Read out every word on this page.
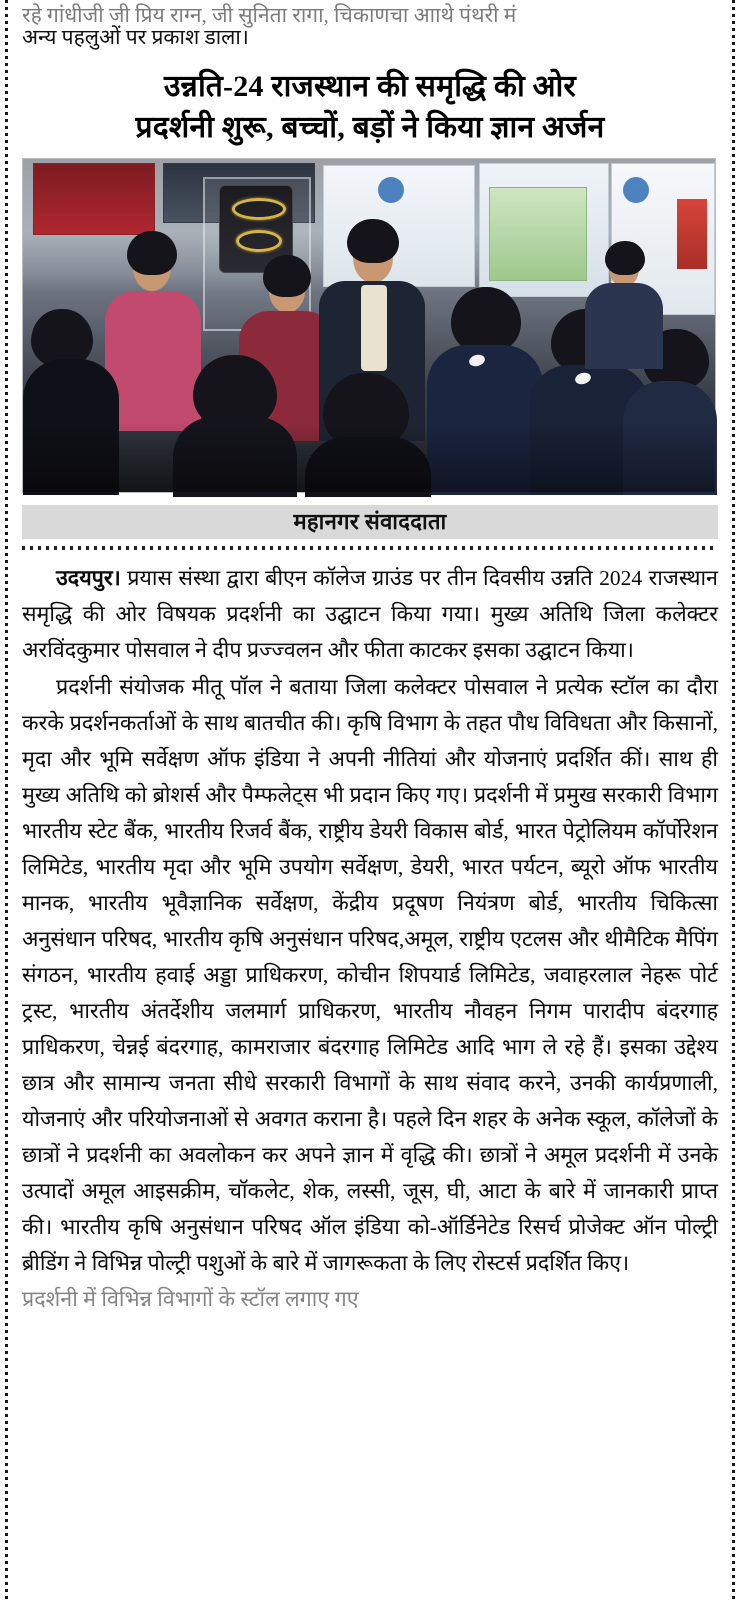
रहे गांधीजी जी प्रिय राग्न, जी सुनिता रागा, चिकाणचा आाथे पंथरी मं

अन्य पहलुओं पर प्रकाश डाला।

उन्नति-24 राजस्थान की समृद्धि की ओर
प्रदर्शनी शुरू, बच्चों, बड़ों ने किया ज्ञान अर्जन
महानगर संवाददाता

उदयपुर। प्रयास संस्था द्वारा बीएन कॉलेज ग्राउंड पर तीन दिवसीय उन्नति 2024 राजस्थान समृद्धि की ओर विषयक प्रदर्शनी का उद्घाटन किया गया। मुख्य अतिथि जिला कलेक्टर अरविंदकुमार पोसवाल ने दीप प्रज्ज्वलन और फीता काटकर इसका उद्घाटन किया।

प्रदर्शनी संयोजक मीतू पॉल ने बताया जिला कलेक्टर पोसवाल ने प्रत्येक स्टॉल का दौरा करके प्रदर्शनकर्ताओं के साथ बातचीत की। कृषि विभाग के तहत पौध विविधता और किसानों, मृदा और भूमि सर्वेक्षण ऑफ इंडिया ने अपनी नीतियां और योजनाएं प्रदर्शित कीं। साथ ही मुख्य अतिथि को ब्रोशर्स और पैम्फलेट्स भी प्रदान किए गए। प्रदर्शनी में प्रमुख सरकारी विभाग भारतीय स्टेट बैंक, भारतीय रिजर्व बैंक, राष्ट्रीय डेयरी विकास बोर्ड, भारत पेट्रोलियम कॉर्पोरेशन लिमिटेड, भारतीय मृदा और भूमि उपयोग सर्वेक्षण, डेयरी, भारत पर्यटन, ब्यूरो ऑफ भारतीय मानक, भारतीय भूवैज्ञानिक सर्वेक्षण, केंद्रीय प्रदूषण नियंत्रण बोर्ड, भारतीय चिकित्सा अनुसंधान परिषद, भारतीय कृषि अनुसंधान परिषद,अमूल, राष्ट्रीय एटलस और थीमैटिक मैपिंग संगठन, भारतीय हवाई अड्डा प्राधिकरण, कोचीन शिपयार्ड लिमिटेड, जवाहरलाल नेहरू पोर्ट ट्रस्ट, भारतीय अंतर्देशीय जलमार्ग प्राधिकरण, भारतीय नौवहन निगम पारादीप बंदरगाह प्राधिकरण, चेन्नई बंदरगाह, कामराजार बंदरगाह लिमिटेड आदि भाग ले रहे हैं। इसका उद्देश्य छात्र और सामान्य जनता सीधे सरकारी विभागों के साथ संवाद करने, उनकी कार्यप्रणाली, योजनाएं और परियोजनाओं से अवगत कराना है। पहले दिन शहर के अनेक स्कूल, कॉलेजों के छात्रों ने प्रदर्शनी का अवलोकन कर अपने ज्ञान में वृद्धि की। छात्रों ने अमूल प्रदर्शनी में उनके उत्पादों अमूल आइसक्रीम, चॉकलेट, शेक, लस्सी, जूस, घी, आटा के बारे में जानकारी प्राप्त की। भारतीय कृषि अनुसंधान परिषद ऑल इंडिया को-ऑर्डिनेटेड रिसर्च प्रोजेक्ट ऑन पोल्ट्री ब्रीडिंग ने विभिन्न पोल्ट्री पशुओं के बारे में जागरूकता के लिए रोस्टर्स प्रदर्शित किए।

प्रदर्शनी में विभिन्न विभागों के स्टॉल लगाए गए
